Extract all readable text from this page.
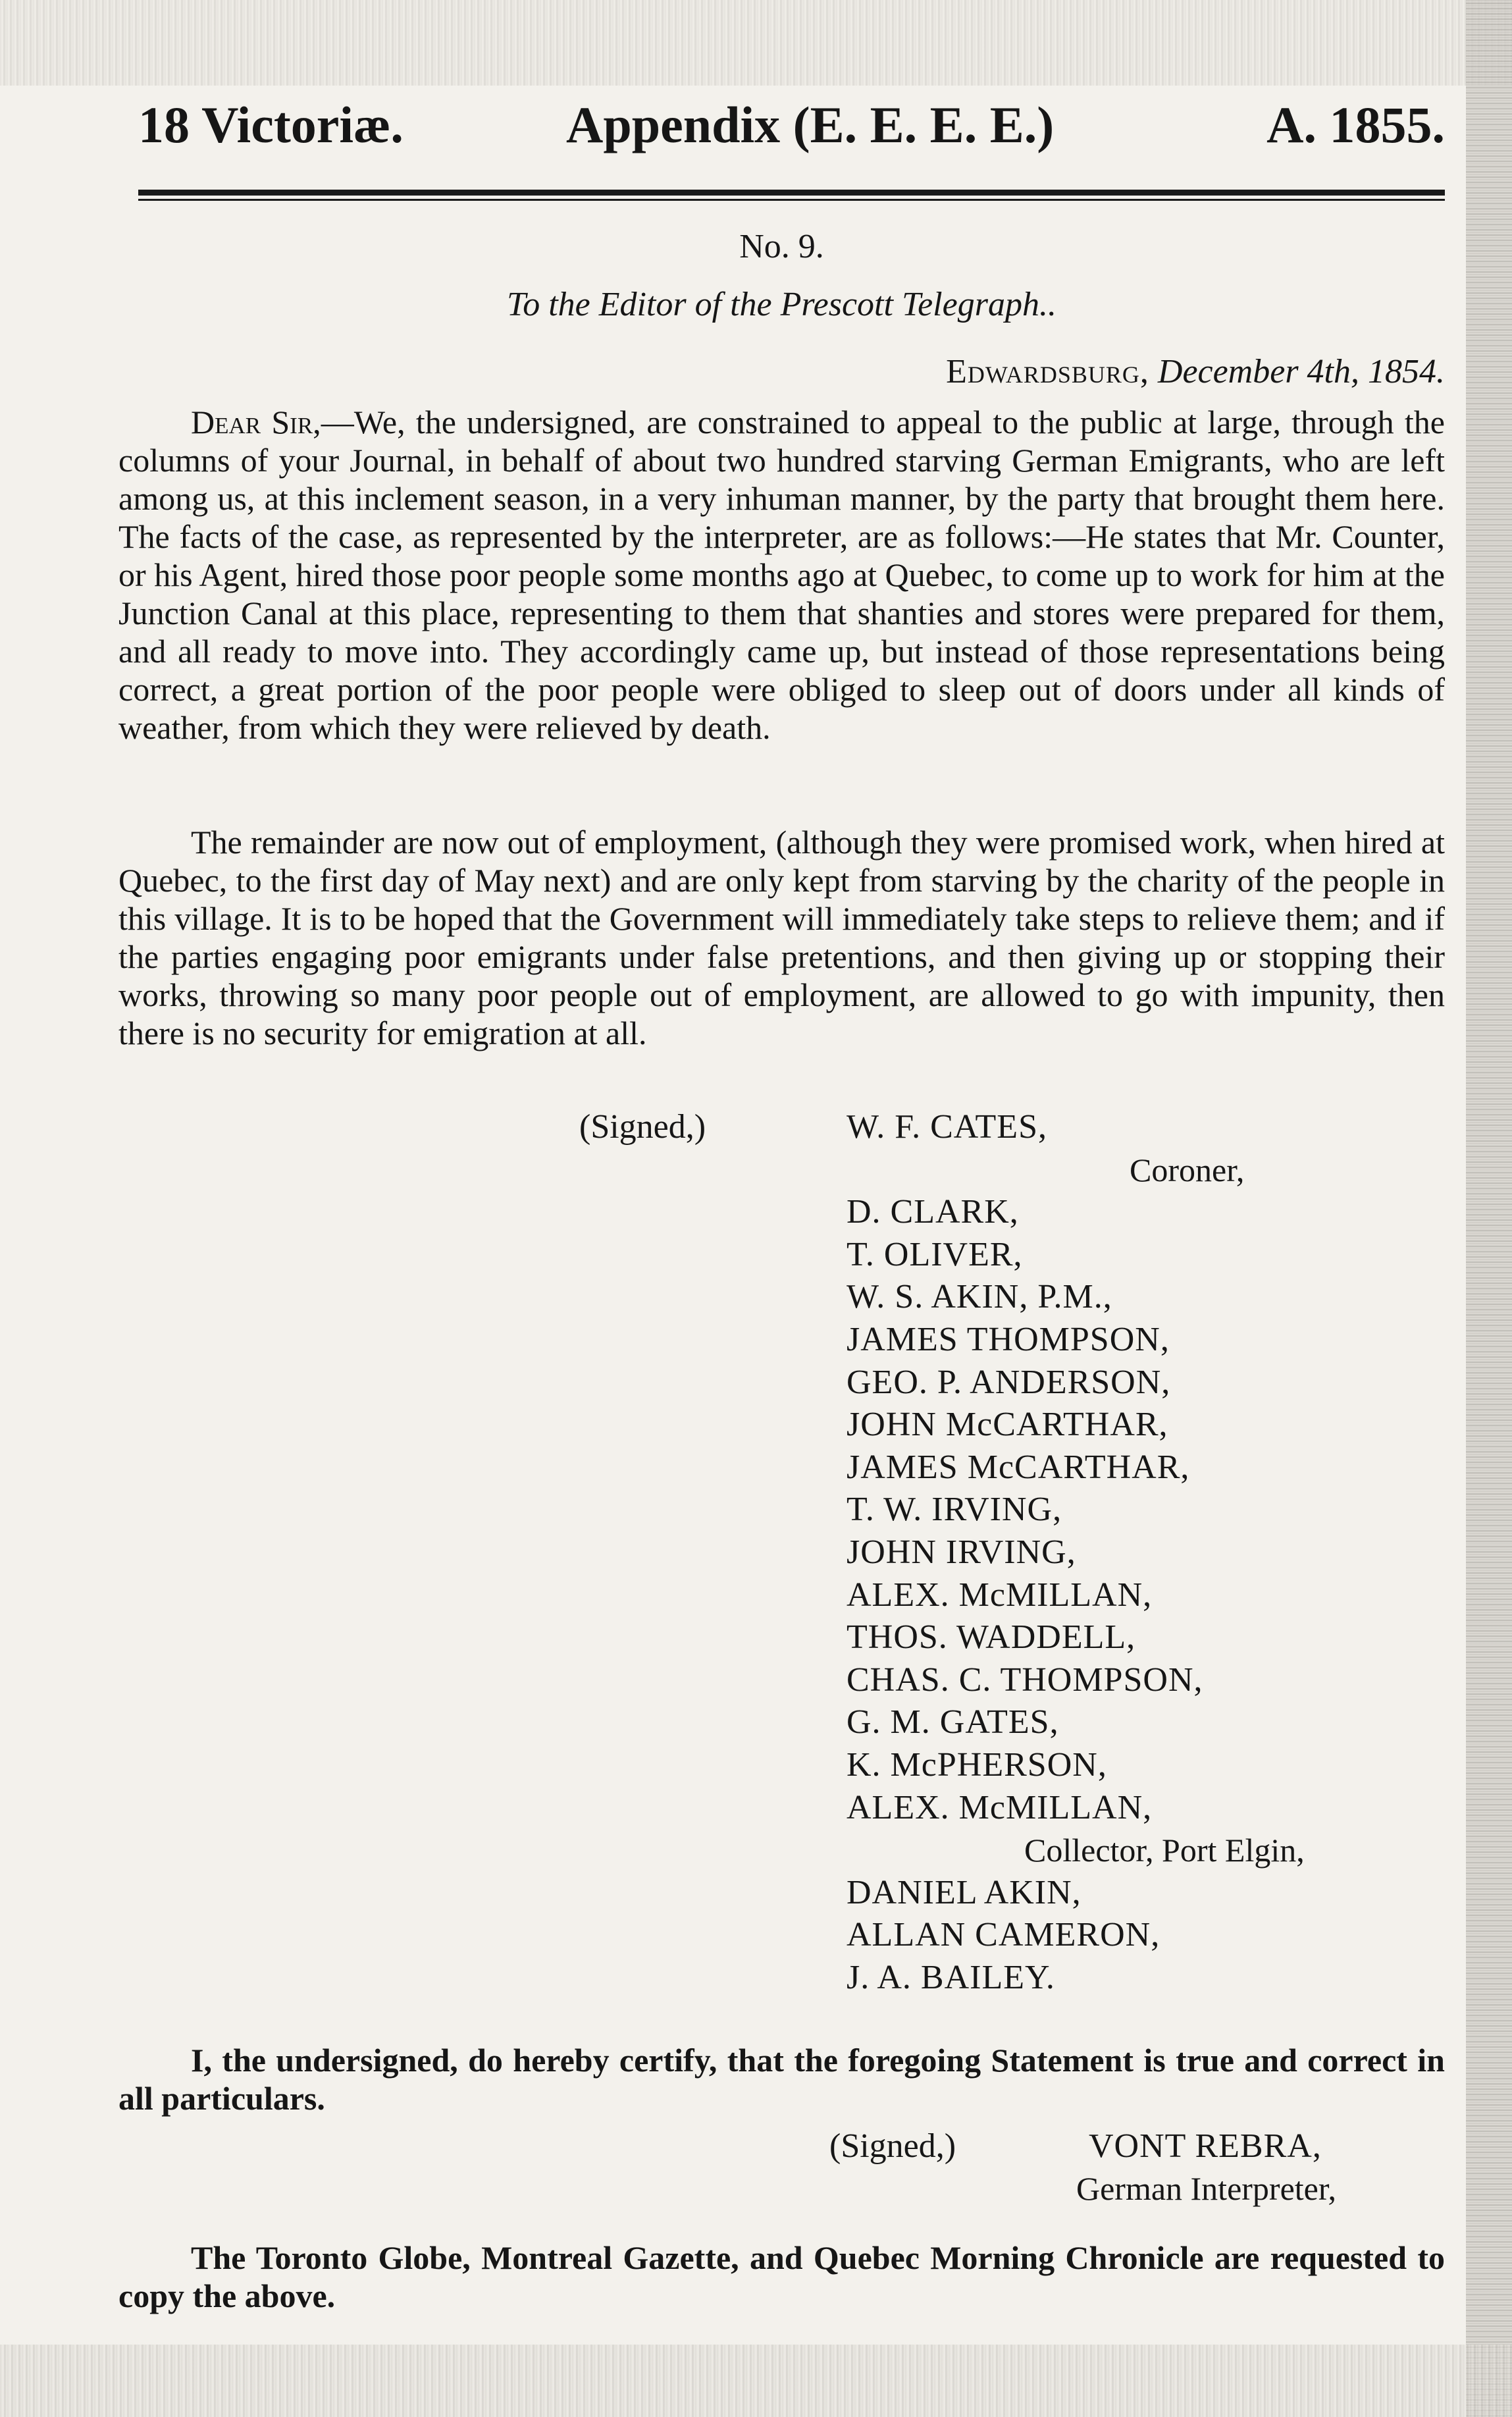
18 Victoriæ.	Appendix (E. E. E. E.)	A. 1855.
No. 9.
To the Editor of the Prescott Telegraph..
Edwardsburg, December 4th, 1854.

Dear Sir,—We, the undersigned, are constrained to appeal to the public at large, through the columns of your Journal, in behalf of about two hundred starving German Emigrants, who are left among us, at this inclement season, in a very inhuman manner, by the party that brought them here. The facts of the case, as represented by the interpreter, are as follows:—He states that Mr. Counter, or his Agent, hired those poor people some months ago at Quebec, to come up to work for him at the Junction Canal at this place, representing to them that shanties and stores were prepared for them, and all ready to move into. They accordingly came up, but instead of those representations being correct, a great portion of the poor people were obliged to sleep out of doors under all kinds of weather, from which they were relieved by death.

The remainder are now out of employment, (although they were promised work, when hired at Quebec, to the first day of May next) and are only kept from starving by the charity of the people in this village. It is to be hoped that the Government will immediately take steps to relieve them; and if the parties engaging poor emigrants under false pretentions, and then giving up or stopping their works, throwing so many poor people out of employment, are allowed to go with impunity, then there is no security for emigration at all.

(Signed,)	W. F. CATES,
Coroner,
D. CLARK,
T. OLIVER,
W. S. AKIN, P.M.,
JAMES THOMPSON,
GEO. P. ANDERSON,
JOHN McCARTHAR,
JAMES McCARTHAR,
T. W. IRVING,
JOHN IRVING,
ALEX. McMILLAN,
THOS. WADDELL,
CHAS. C. THOMPSON,
G. M. GATES,
K. McPHERSON,
ALEX. McMILLAN,
Collector, Port Elgin,
DANIEL AKIN,
ALLAN CAMERON,
J. A. BAILEY.

I, the undersigned, do hereby certify, that the foregoing Statement is true and correct in all particulars.

(Signed,)	VONT REBRA,
German Interpreter,

The Toronto Globe, Montreal Gazette, and Quebec Morning Chronicle are requested to copy the above.
